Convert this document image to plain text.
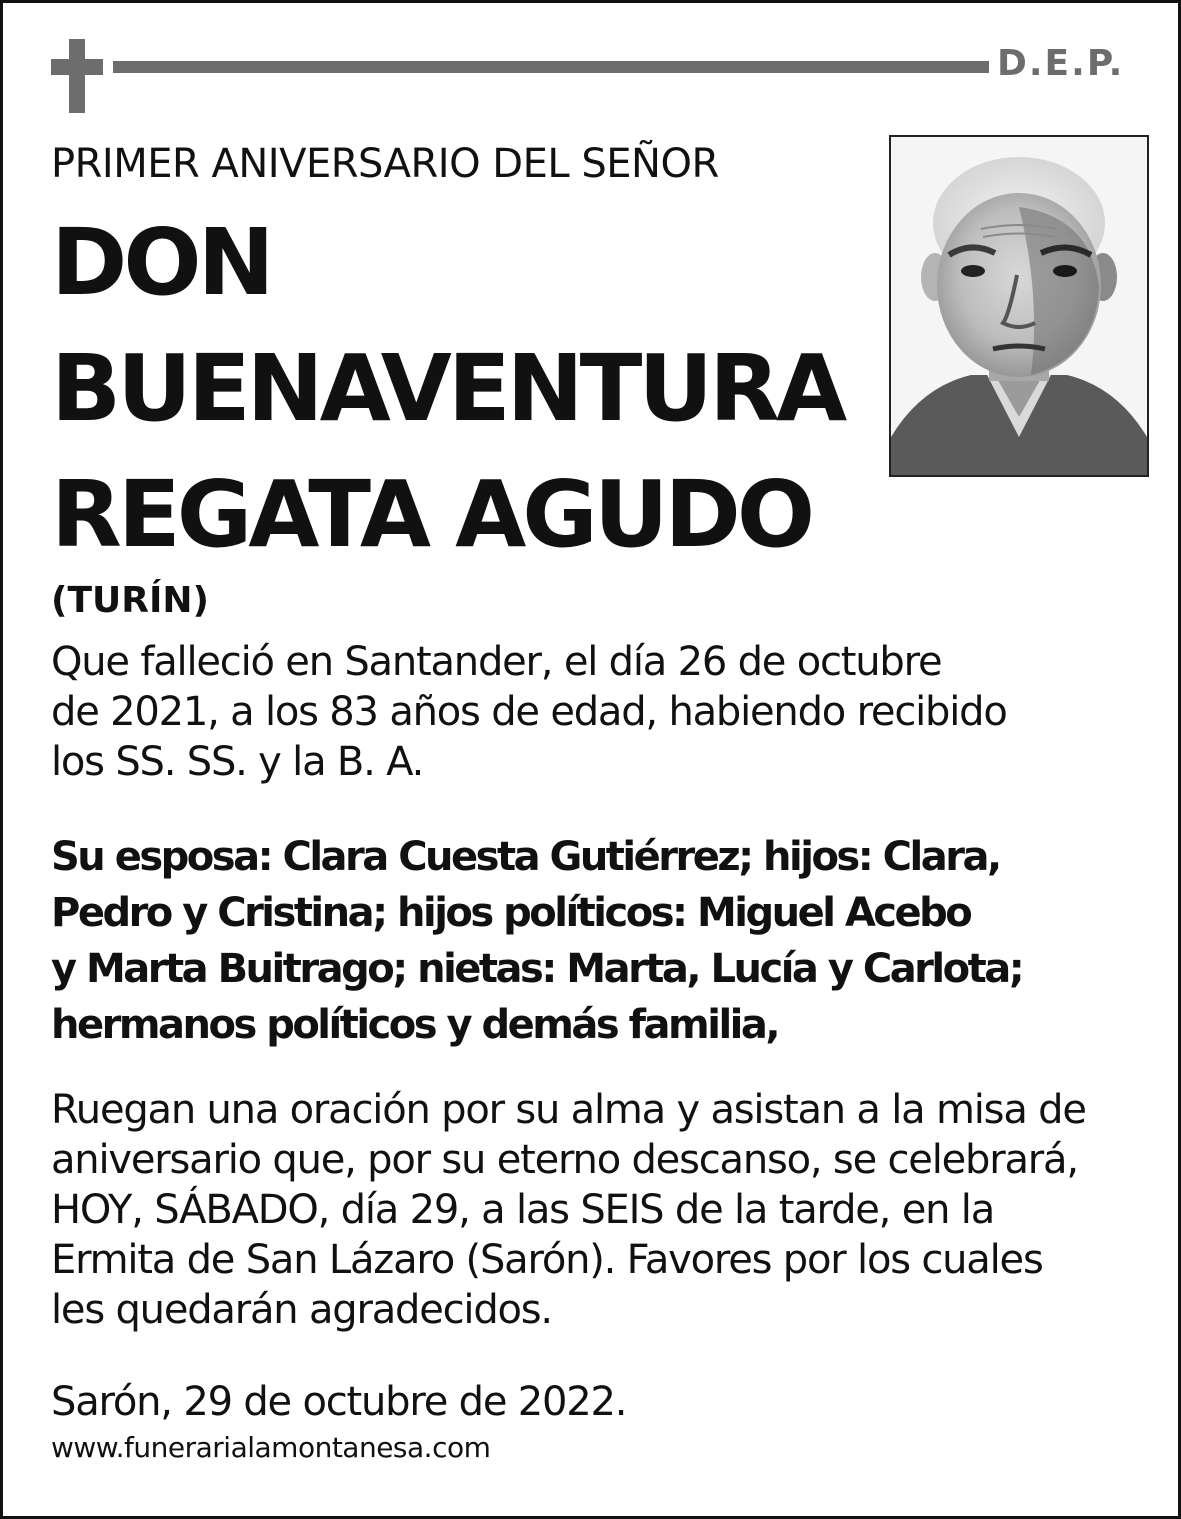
D.E.P.
PRIMER ANIVERSARIO DEL SEÑOR
DON
BUENAVENTURA
REGATA AGUDO
(TURÍN)
Que falleció en Santander, el día 26 de octubre
de 2021, a los 83 años de edad, habiendo recibido
los SS. SS. y la B. A.
Su esposa: Clara Cuesta Gutiérrez; hijos: Clara,
Pedro y Cristina; hijos políticos: Miguel Acebo
y Marta Buitrago; nietas: Marta, Lucía y Carlota;
hermanos políticos y demás familia,
Ruegan una oración por su alma y asistan a la misa de
aniversario que, por su eterno descanso, se celebrará,
HOY, SÁBADO, día 29, a las SEIS de la tarde, en la
Ermita de San Lázaro (Sarón). Favores por los cuales
les quedarán agradecidos.
Sarón, 29 de octubre de 2022.
www.funerarialamontanesa.com
